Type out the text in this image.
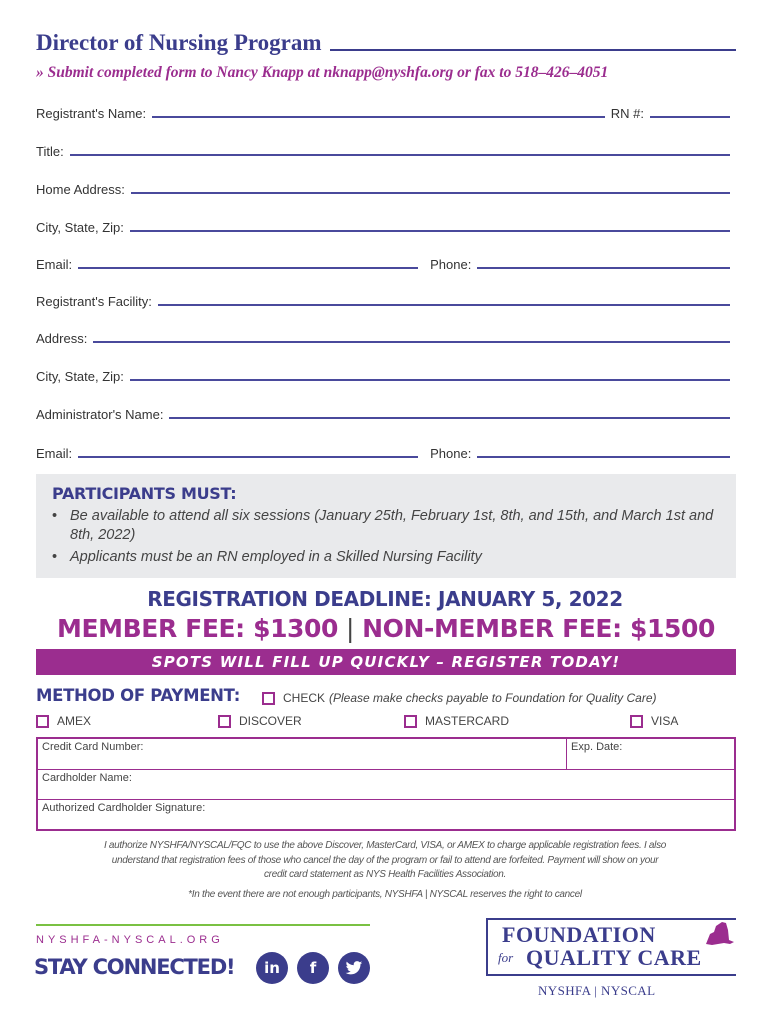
Director of Nursing Program
» Submit completed form to Nancy Knapp at nknapp@nyshfa.org or fax to 518–426–4051
Registrant's Name:	RN #:
Title:
Home Address:
City, State, Zip:
Email:	Phone:
Registrant's Facility:
Address:
City, State, Zip:
Administrator's Name:
Email:	Phone:
PARTICIPANTS MUST:
• Be available to attend all six sessions (January 25th, February 1st, 8th, and 15th, and March 1st and 8th, 2022)
• Applicants must be an RN employed in a Skilled Nursing Facility
REGISTRATION DEADLINE: JANUARY 5, 2022
MEMBER FEE: $1300 | NON-MEMBER FEE: $1500
SPOTS WILL FILL UP QUICKLY – REGISTER TODAY!
METHOD OF PAYMENT:	CHECK (Please make checks payable to Foundation for Quality Care)
AMEX	DISCOVER	MASTERCARD	VISA
Credit Card Number:	Exp. Date:
Cardholder Name:
Authorized Cardholder Signature:
I authorize NYSHFA/NYSCAL/FQC to use the above Discover, MasterCard, VISA, or AMEX to charge applicable registration fees. I also understand that registration fees of those who cancel the day of the program or fail to attend are forfeited. Payment will show on your credit card statement as NYS Health Facilities Association.
*In the event there are not enough participants, NYSHFA | NYSCAL reserves the right to cancel
NYSHFA-NYSCAL.ORG
STAY CONNECTED!	in	f
FOUNDATION
for QUALITY CARE
NYSHFA | NYSCAL
